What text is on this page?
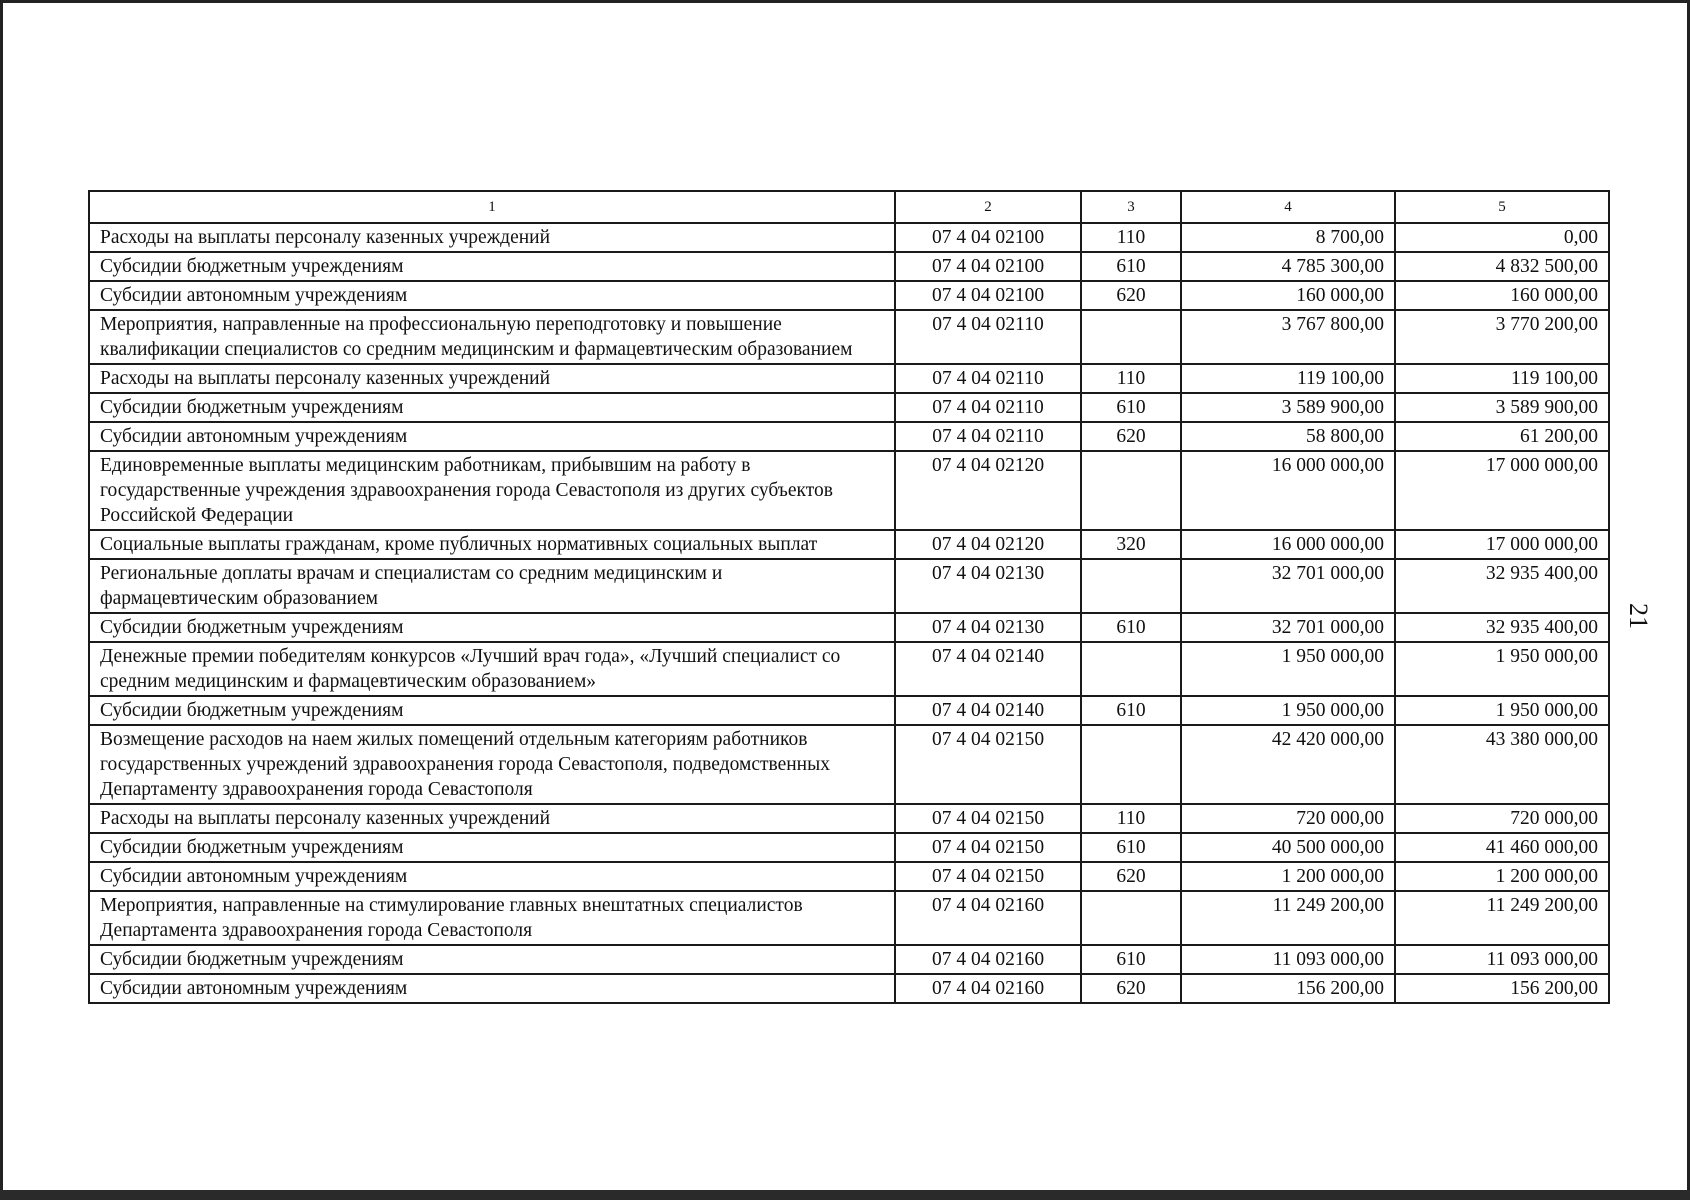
1	2	3	4	5
Расходы на выплаты персоналу казенных учреждений	07 4 04 02100	110	8 700,00	0,00
Субсидии бюджетным учреждениям	07 4 04 02100	610	4 785 300,00	4 832 500,00
Субсидии автономным учреждениям	07 4 04 02100	620	160 000,00	160 000,00
Мероприятия, направленные на профессиональную переподготовку и повышение квалификации специалистов со средним медицинским и фармацевтическим образованием	07 4 04 02110		3 767 800,00	3 770 200,00
Расходы на выплаты персоналу казенных учреждений	07 4 04 02110	110	119 100,00	119 100,00
Субсидии бюджетным учреждениям	07 4 04 02110	610	3 589 900,00	3 589 900,00
Субсидии автономным учреждениям	07 4 04 02110	620	58 800,00	61 200,00
Единовременные выплаты медицинским работникам, прибывшим на работу в государственные учреждения здравоохранения города Севастополя из других субъектов Российской Федерации	07 4 04 02120		16 000 000,00	17 000 000,00
Социальные выплаты гражданам, кроме публичных нормативных социальных выплат	07 4 04 02120	320	16 000 000,00	17 000 000,00
Региональные доплаты врачам и специалистам со средним медицинским и фармацевтическим образованием	07 4 04 02130		32 701 000,00	32 935 400,00
Субсидии бюджетным учреждениям	07 4 04 02130	610	32 701 000,00	32 935 400,00
Денежные премии победителям конкурсов «Лучший врач года», «Лучший специалист со средним медицинским и фармацевтическим образованием»	07 4 04 02140		1 950 000,00	1 950 000,00
Субсидии бюджетным учреждениям	07 4 04 02140	610	1 950 000,00	1 950 000,00
Возмещение расходов на наем жилых помещений отдельным категориям работников государственных учреждений здравоохранения города Севастополя, подведомственных Департаменту здравоохранения города Севастополя	07 4 04 02150		42 420 000,00	43 380 000,00
Расходы на выплаты персоналу казенных учреждений	07 4 04 02150	110	720 000,00	720 000,00
Субсидии бюджетным учреждениям	07 4 04 02150	610	40 500 000,00	41 460 000,00
Субсидии автономным учреждениям	07 4 04 02150	620	1 200 000,00	1 200 000,00
Мероприятия, направленные на стимулирование главных внештатных специалистов Департамента здравоохранения города Севастополя	07 4 04 02160		11 249 200,00	11 249 200,00
Субсидии бюджетным учреждениям	07 4 04 02160	610	11 093 000,00	11 093 000,00
Субсидии автономным учреждениям	07 4 04 02160	620	156 200,00	156 200,00
21
